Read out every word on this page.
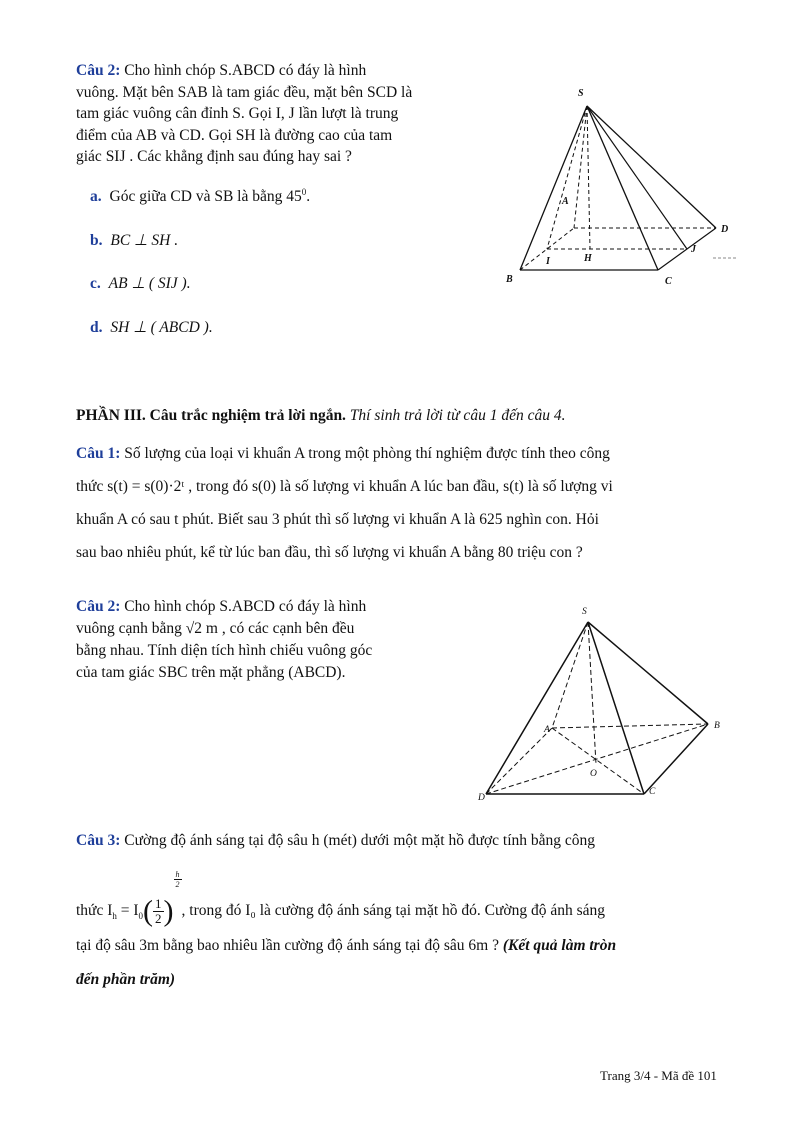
Câu 2: Cho hình chóp S.ABCD có đáy là hình
vuông. Mặt bên SAB là tam giác đều, mặt bên SCD là
tam giác vuông cân đỉnh S. Gọi I, J lần lượt là trung
điểm của AB và CD. Gọi SH là đường cao của tam
giác SIJ . Các khẳng định sau đúng hay sai ?
a. Góc giữa CD và SB là bằng $45^0$.
b. BC ⊥ SH .
c. AB ⊥ ( SIJ ).
d. SH ⊥ ( ABCD ).
S
A
D
I	H
J
B	C
PHẦN III. Câu trắc nghiệm trả lời ngắn. Thí sinh trả lời từ câu 1 đến câu 4.
Câu 1: Số lượng của loại vi khuẩn A trong một phòng thí nghiệm được tính theo công
thức s(t) = s(0)·2ᵗ , trong đó s(0) là số lượng vi khuẩn A lúc ban đầu, s(t) là số lượng vi
khuẩn A có sau t phút. Biết sau 3 phút thì số lượng vi khuẩn A là 625 nghìn con. Hỏi
sau bao nhiêu phút, kể từ lúc ban đầu, thì số lượng vi khuẩn A bằng 80 triệu con ?
Câu 2: Cho hình chóp S.ABCD có đáy là hình
vuông cạnh bằng √2 m , có các cạnh bên đều
bằng nhau. Tính diện tích hình chiếu vuông góc
của tam giác SBC trên mặt phẳng (ABCD).
S
A	B
O
D
C
Câu 3: Cường độ ánh sáng tại độ sâu h (mét) dưới một mặt hồ được tính bằng công
thức $I_h = I_0( \frac{1}{2}$ )
$\frac{h}{2}$
, trong đó I₀ là cường độ ánh sáng tại mặt hồ đó. Cường độ ánh sáng
tại độ sâu 3m bằng bao nhiêu lần cường độ ánh sáng tại độ sâu 6m ? (Kết quả làm tròn
đến phần trăm)
Trang 3/4 - Mã đề 101
